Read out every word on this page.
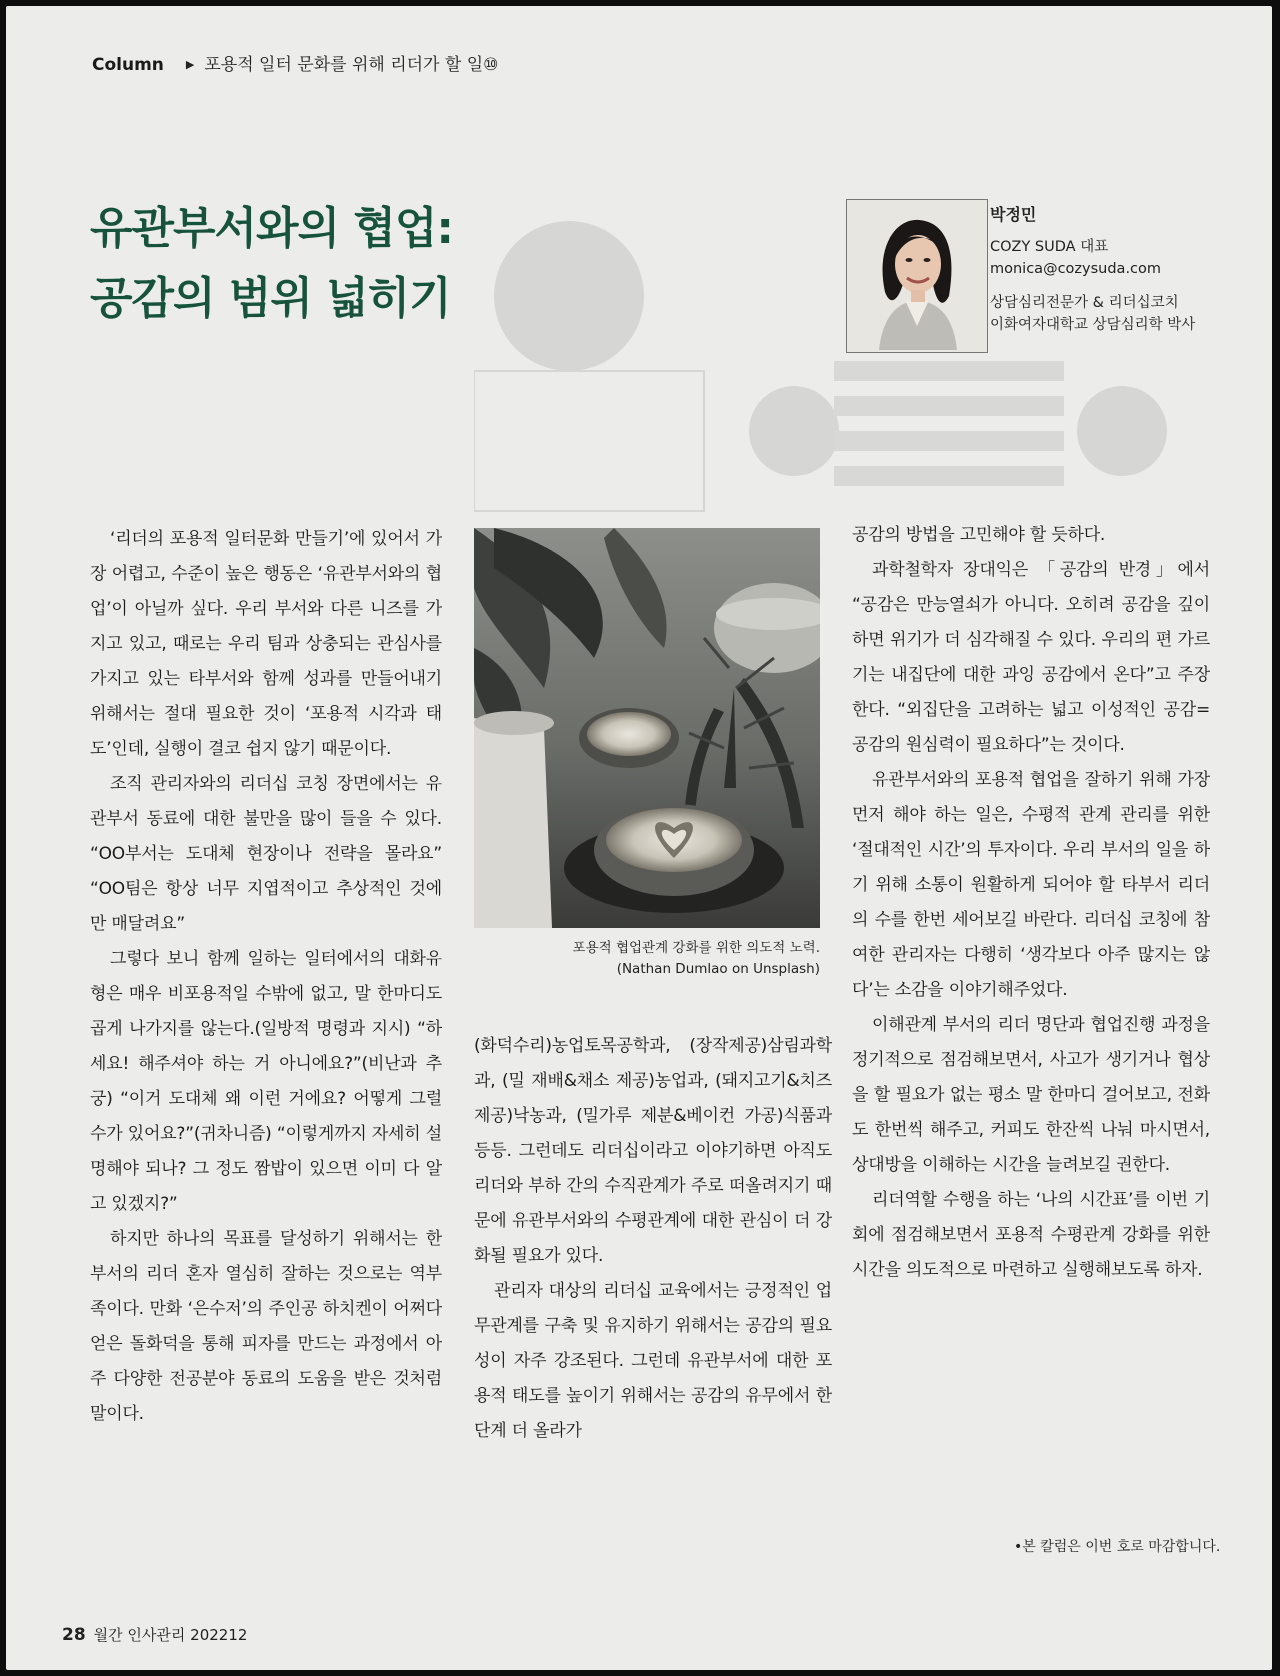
Column ▶ 포용적 일터 문화를 위해 리더가 할 일⑩
유관부서와의 협업:
공감의 범위 넓히기
박정민
COZY SUDA 대표
monica@cozysuda.com
상담심리전문가 & 리더십코치
이화여자대학교 상담심리학 박사

‘리더의 포용적 일터문화 만들기’에 있어서 가장 어렵고, 수준이 높은 행동은 ‘유관부서와의 협업’이 아닐까 싶다. 우리 부서와 다른 니즈를 가지고 있고, 때로는 우리 팀과 상충되는 관심사를 가지고 있는 타부서와 함께 성과를 만들어내기 위해서는 절대 필요한 것이 ‘포용적 시각과 태도’인데, 실행이 결코 쉽지 않기 때문이다.

조직 관리자와의 리더십 코칭 장면에서는 유관부서 동료에 대한 불만을 많이 들을 수 있다. “OO부서는 도대체 현장이나 전략을 몰라요” “OO팀은 항상 너무 지엽적이고 추상적인 것에만 매달려요”

그렇다 보니 함께 일하는 일터에서의 대화유형은 매우 비포용적일 수밖에 없고, 말 한마디도 곱게 나가지를 않는다.(일방적 명령과 지시) “하세요! 해주셔야 하는 거 아니에요?”(비난과 추궁) “이거 도대체 왜 이런 거에요? 어떻게 그럴 수가 있어요?”(귀차니즘) “이렇게까지 자세히 설명해야 되나? 그 정도 짬밥이 있으면 이미 다 알고 있겠지?”

하지만 하나의 목표를 달성하기 위해서는 한 부서의 리더 혼자 열심히 잘하는 것으로는 역부족이다. 만화 ‘은수저’의 주인공 하치켄이 어쩌다 얻은 돌화덕을 통해 피자를 만드는 과정에서 아주 다양한 전공분야 동료의 도움을 받은 것처럼 말이다.

포용적 협업관계 강화를 위한 의도적 노력.
(Nathan Dumlao on Unsplash)

(화덕수리)농업토목공학과, (장작제공)삼림과학과, (밀 재배&채소 제공)농업과, (돼지고기&치즈 제공)낙농과, (밀가루 제분&베이컨 가공)식품과 등등. 그런데도 리더십이라고 이야기하면 아직도 리더와 부하 간의 수직관계가 주로 떠올려지기 때문에 유관부서와의 수평관계에 대한 관심이 더 강화될 필요가 있다.

관리자 대상의 리더십 교육에서는 긍정적인 업무관계를 구축 및 유지하기 위해서는 공감의 필요성이 자주 강조된다. 그런데 유관부서에 대한 포용적 태도를 높이기 위해서는 공감의 유무에서 한 단계 더 올라가

공감의 방법을 고민해야 할 듯하다.

과학철학자 장대익은 「공감의 반경」에서 “공감은 만능열쇠가 아니다. 오히려 공감을 깊이 하면 위기가 더 심각해질 수 있다. 우리의 편 가르기는 내집단에 대한 과잉 공감에서 온다”고 주장한다. “외집단을 고려하는 넓고 이성적인 공감=공감의 원심력이 필요하다”는 것이다.

유관부서와의 포용적 협업을 잘하기 위해 가장 먼저 해야 하는 일은, 수평적 관계 관리를 위한 ‘절대적인 시간’의 투자이다. 우리 부서의 일을 하기 위해 소통이 원활하게 되어야 할 타부서 리더의 수를 한번 세어보길 바란다. 리더십 코칭에 참여한 관리자는 다행히 ‘생각보다 아주 많지는 않다’는 소감을 이야기해주었다.

이해관계 부서의 리더 명단과 협업진행 과정을 정기적으로 점검해보면서, 사고가 생기거나 협상을 할 필요가 없는 평소 말 한마디 걸어보고, 전화도 한번씩 해주고, 커피도 한잔씩 나눠 마시면서, 상대방을 이해하는 시간을 늘려보길 권한다.

리더역할 수행을 하는 ‘나의 시간표’를 이번 기회에 점검해보면서 포용적 수평관계 강화를 위한 시간을 의도적으로 마련하고 실행해보도록 하자.

•본 칼럼은 이번 호로 마감합니다.
28 월간 인사관리 202212
